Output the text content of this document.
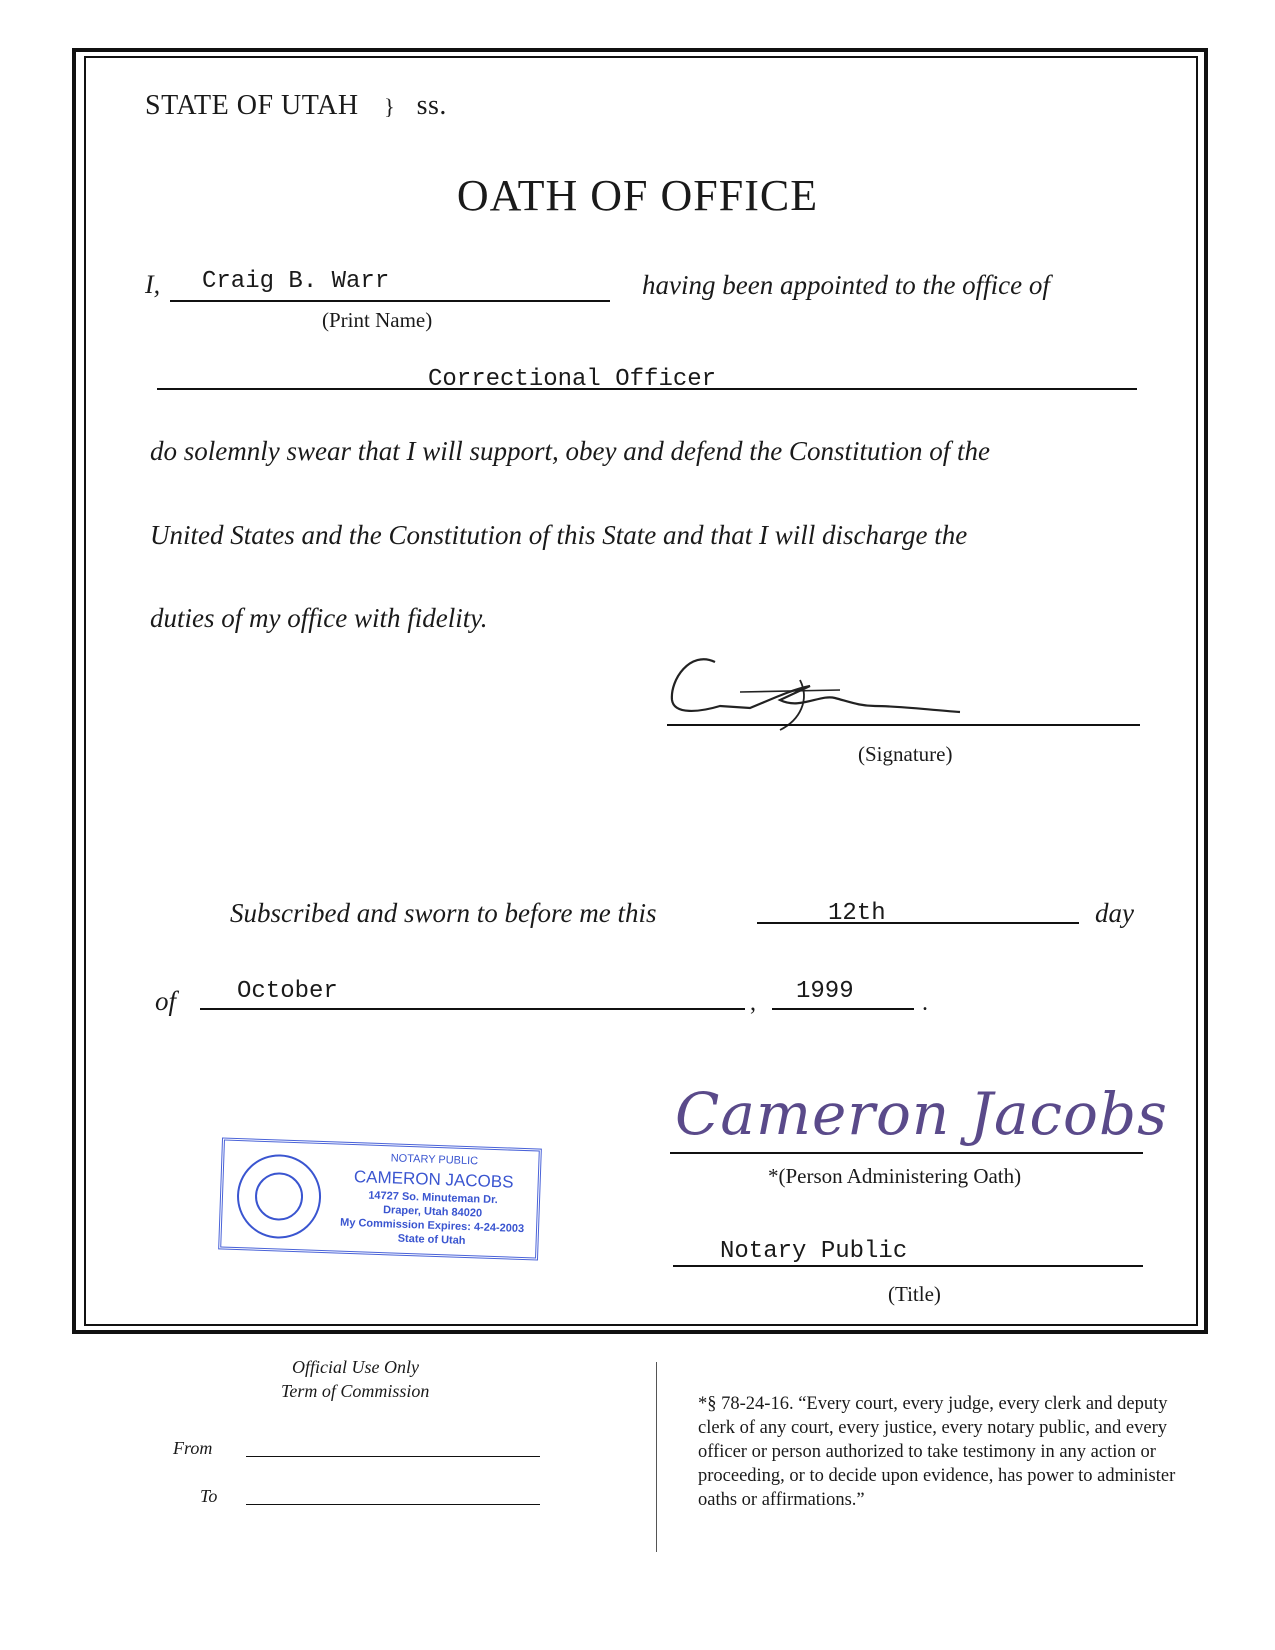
STATE OF UTAH } ss.
OATH OF OFFICE
I, Craig B. Warr
(Print Name)
having been appointed to the office of
Correctional Officer
do solemnly swear that I will support, obey and defend the Constitution of the
United States and the Constitution of this State and that I will discharge the
duties of my office with fidelity.
(Signature)
Subscribed and sworn to before me this	12th	day
of	October	, 1999	.
Cameron Jacobs
*(Person Administering Oath)
Notary Public
(Title)
NOTARY PUBLIC
CAMERON JACOBS
14727 So. Minuteman Dr.
Draper, Utah 84020
My Commission Expires: 4-24-2003
State of Utah
Official Use Only
Term of Commission
From
To
*§ 78-24-16. “Every court, every judge, every clerk and deputy clerk of any court, every justice, every notary public, and every officer or person authorized to take testimony in any action or proceeding, or to decide upon evidence, has power to administer oaths or affirmations.”
